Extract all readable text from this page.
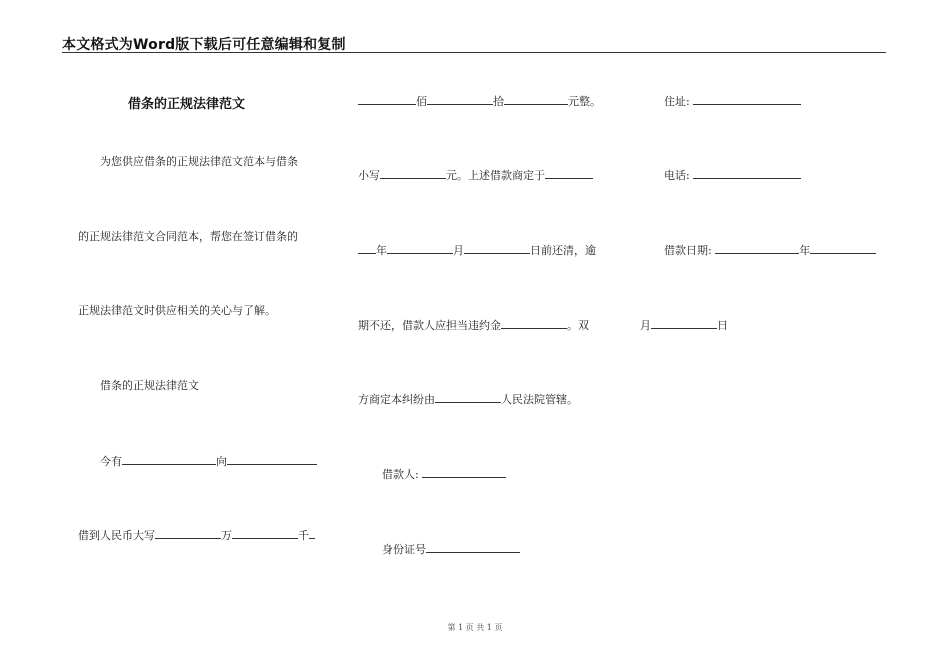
本文格式为Word版下载后可任意编辑和复制
借条的正规法律范文
为您供应借条的正规法律范文范本与借条
的正规法律范文合同范本，帮您在签订借条的
正规法律范文时供应相关的关心与了解。
借条的正规法律范文
今有	向
借到人民币大写	万	千
佰	拾	元整。
小写	元。上述借款商定于
年	月	日前还清，逾
期不还，借款人应担当违约金	。双
方商定本纠纷由	人民法院管辖。
借款人:
身份证号
住址:
电话:
借款日期:	年
月	日
第 1 页 共 1 页
